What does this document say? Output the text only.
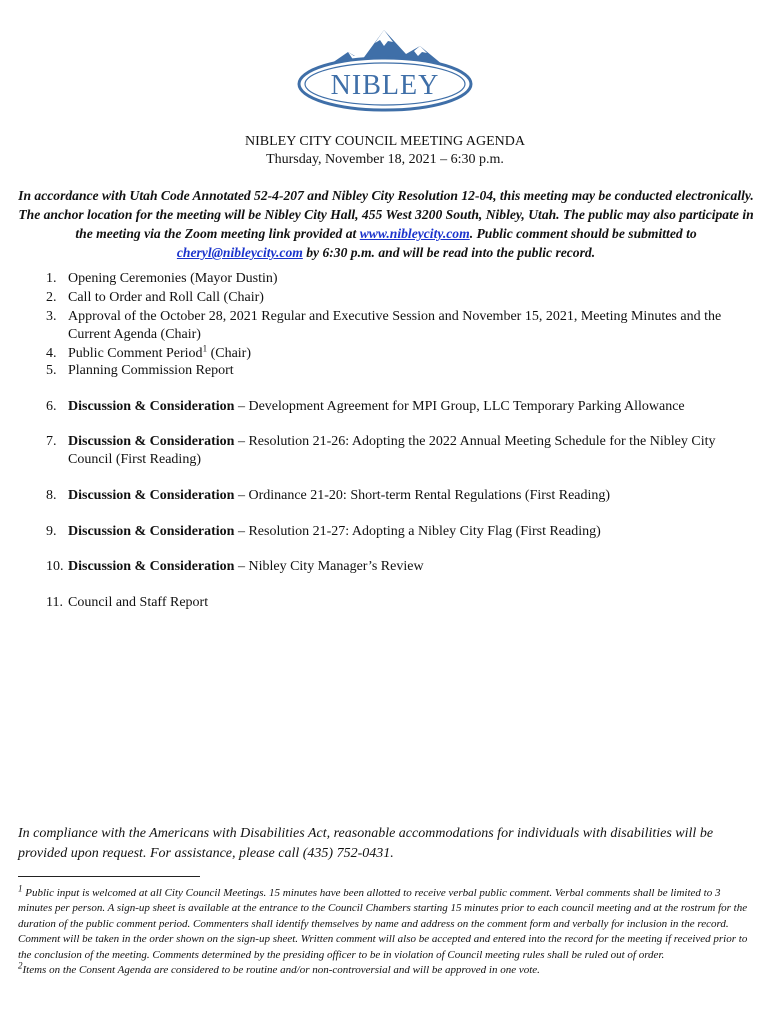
NIBLEY
NIBLEY CITY COUNCIL MEETING AGENDA
Thursday, November 18, 2021 – 6:30 p.m.
In accordance with Utah Code Annotated 52-4-207 and Nibley City Resolution 12-04, this meeting may be conducted electronically. The anchor location for the meeting will be Nibley City Hall, 455 West 3200 South, Nibley, Utah. The public may also participate in the meeting via the Zoom meeting link provided at www.nibleycity.com. Public comment should be submitted to cheryl@nibleycity.com by 6:30 p.m. and will be read into the public record.
1. Opening Ceremonies (Mayor Dustin)
2. Call to Order and Roll Call (Chair)
3. Approval of the October 28, 2021 Regular and Executive Session and November 15, 2021, Meeting Minutes and the Current Agenda (Chair)
4. Public Comment Period$^1$ (Chair)
5. Planning Commission Report
6. Discussion & Consideration – Development Agreement for MPI Group, LLC Temporary Parking Allowance
7. Discussion & Consideration – Resolution 21-26: Adopting the 2022 Annual Meeting Schedule for the Nibley City Council (First Reading)
8. Discussion & Consideration – Ordinance 21-20: Short-term Rental Regulations (First Reading)
9. Discussion & Consideration – Resolution 21-27: Adopting a Nibley City Flag (First Reading)
10. Discussion & Consideration – Nibley City Manager’s Review
11. Council and Staff Report
In compliance with the Americans with Disabilities Act, reasonable accommodations for individuals with disabilities will be provided upon request. For assistance, please call (435) 752-0431.

$^1$ Public input is welcomed at all City Council Meetings. 15 minutes have been allotted to receive verbal public comment. Verbal comments shall be limited to 3 minutes per person. A sign-up sheet is available at the entrance to the Council Chambers starting 15 minutes prior to each council meeting and at the rostrum for the duration of the public comment period. Commenters shall identify themselves by name and address on the comment form and verbally for inclusion in the record. Comment will be taken in the order shown on the sign-up sheet. Written comment will also be accepted and entered into the record for the meeting if received prior to the conclusion of the meeting. Comments determined by the presiding officer to be in violation of Council meeting rules shall be ruled out of order.

$^2$Items on the Consent Agenda are considered to be routine and/or non-controversial and will be approved in one vote.
